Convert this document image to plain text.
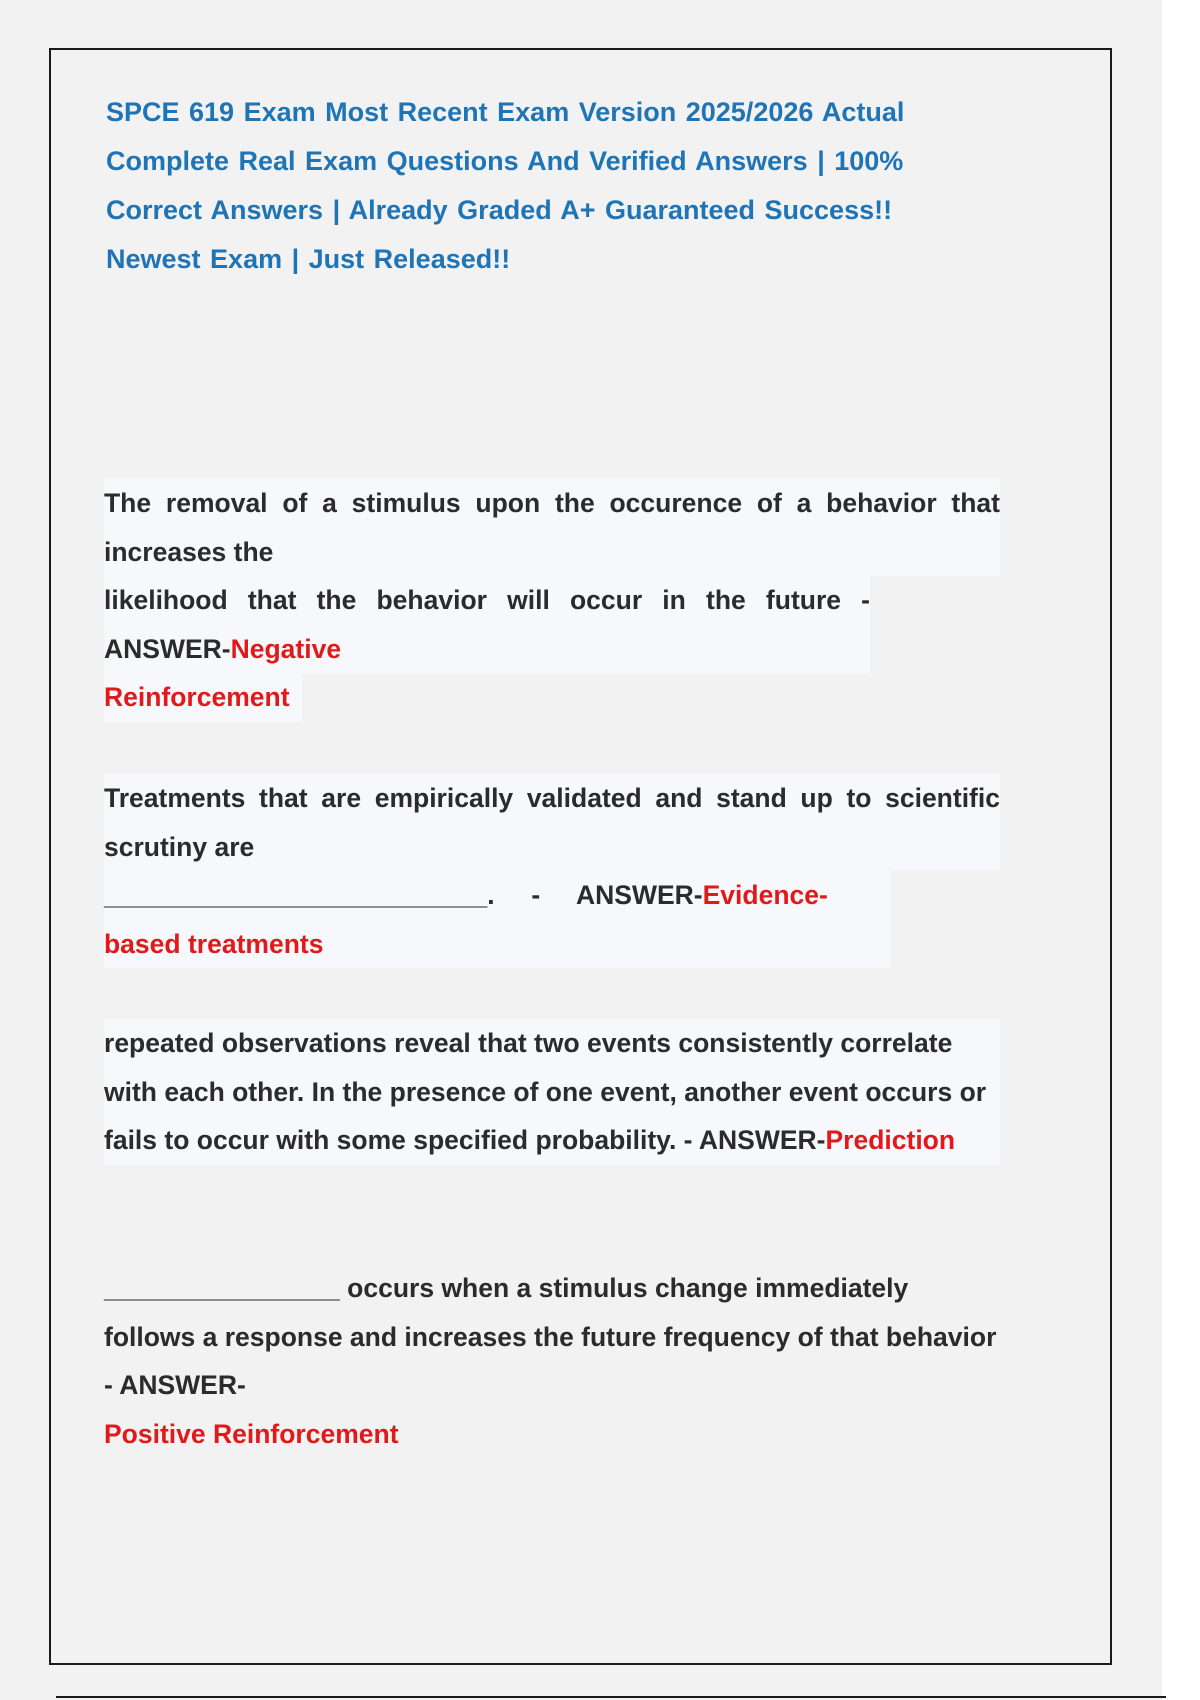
SPCE 619 Exam Most Recent Exam Version 2025/2026 Actual Complete Real Exam Questions And Verified Answers | 100% Correct Answers | Already Graded A+ Guaranteed Success!! Newest Exam | Just Released!!
The removal of a stimulus upon the occurence of a behavior that increases the
likelihood that the behavior will occur in the future - ANSWER-Negative
Reinforcement
Treatments that are empirically validated and stand up to scientific scrutiny are
__________________________.     -     ANSWER-Evidence-
based treatments
repeated observations reveal that two events consistently correlate with each other. In the presence of one event, another event occurs or fails to occur with some specified probability. - ANSWER-Prediction
________________ occurs when a stimulus change immediately follows a response and increases the future frequency of that behavior - ANSWER-
Positive Reinforcement
